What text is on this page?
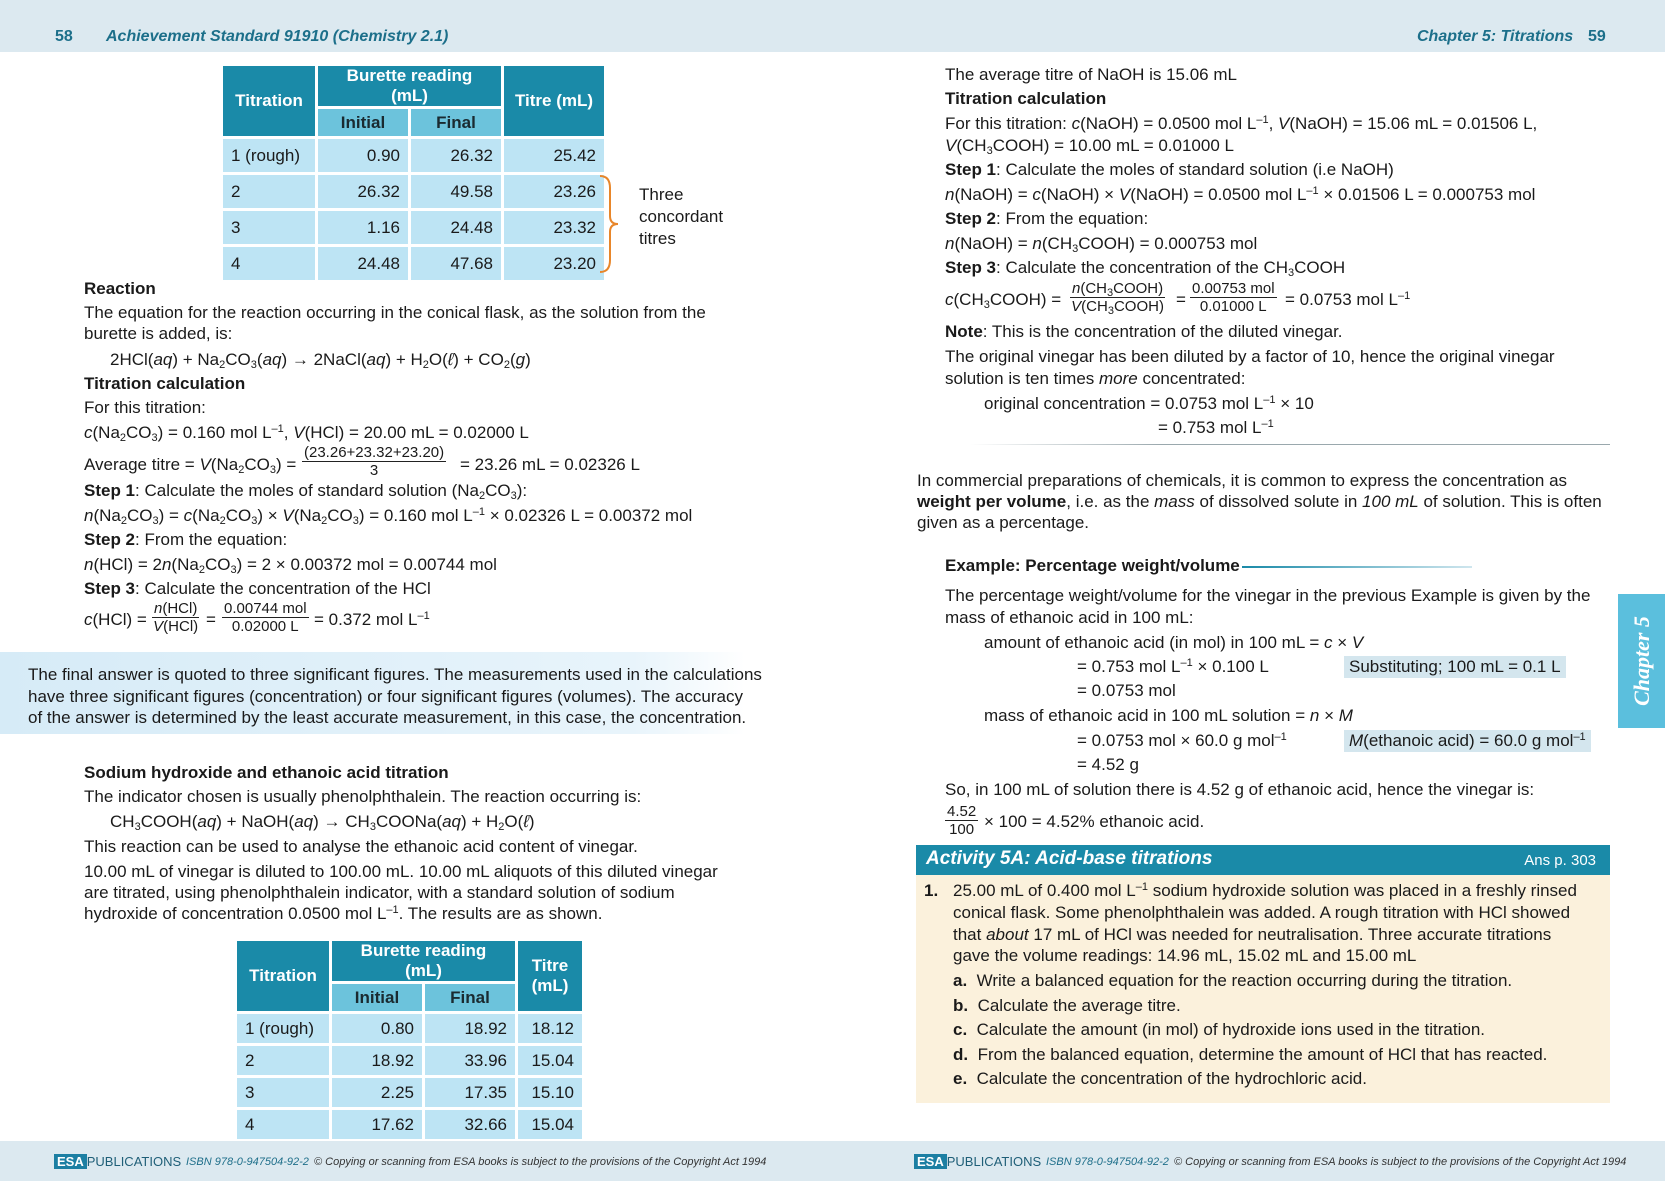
58 Achievement Standard 91910 (Chemistry 2.1)	Chapter 5: Titrations 59
Titration	Burette reading (mL)		Titre (mL)
	Initial	Final	
1 (rough)	0.90	26.32	25.42
2	26.32	49.58	23.26
3	1.16	24.48	23.32
4	24.48	47.68	23.20
Three
concordant
titres
Reaction
The equation for the reaction occurring in the conical flask, as the solution from the
burette is added, is:
$2HCl(aq) + Na_2CO_3(aq)$ → 2NaCl(aq) + $H_2O(\ell) + CO_2(g)$
Titration calculation
For this titration:
$c(Na_2CO_3) = 0.160$ mol $L^{-1}$, V(HCl) = 20.00 mL = 0.02000 L
Average titre = $V(Na_2CO_3) = \frac{(23.26+23.32+23.20)}{3} = 23.26$ mL = 0.02326 L
Step 1: Calculate the moles of standard solution $(Na_2CO_3)$:
$n(Na_2CO_3) = c(Na_2CO_3) \times V(Na_2CO_3) = 0.160$ mol $L^{-1} \times 0.02326$ L = 0.00372 mol
Step 2: From the equation:
$n(HCl) = 2n(Na_2CO_3) = 2 \times 0.00372$ mol = 0.00744 mol
Step 3: Calculate the concentration of the HCl
c(HCl) =
n(HCl)
V(HCl) =
0.00744 mol
0.02000 L = 0.372 mol $L^{-1}$
The final answer is quoted to three significant figures. The measurements used in the calculations
have three significant figures (concentration) or four significant figures (volumes). The accuracy
of the answer is determined by the least accurate measurement, in this case, the concentration.
Sodium hydroxide and ethanoic acid titration
The indicator chosen is usually phenolphthalein. The reaction occurring is:
$CH_3COOH(aq)$ + NaOH(aq) → $CH_3COONa(aq)$ + $H_2O(\ell)$
This reaction can be used to analyse the ethanoic acid content of vinegar.
10.00 mL of vinegar is diluted to 100.00 mL. 10.00 mL aliquots of this diluted vinegar
are titrated, using phenolphthalein indicator, with a standard solution of sodium
hydroxide of concentration 0.0500 mol $L^{-1}$. The results are as shown.
Titration	Burette reading (mL)		Titre
(mL)
	Initial	Final	
1 (rough)	0.80	18.92	18.12
2	18.92	33.96	15.04
3	2.25	17.35	15.10
4	17.62	32.66	15.04
The average titre of NaOH is 15.06 mL
Titration calculation
For this titration: c(NaOH) = 0.0500 mol $L^{-1}$, V(NaOH) = 15.06 mL = 0.01506 L,
$V(CH_3COOH) = 10.00$ mL = 0.01000 L
Step 1: Calculate the moles of standard solution (i.e NaOH)
n(NaOH) = c(NaOH) × V(NaOH) = 0.0500 mol $L^{-1} \times 0.01506$ L = 0.000753 mol
Step 2: From the equation:
n(NaOH) = $n(CH_3COOH) = 0.000753$ mol
Step 3: Calculate the concentration of the $CH_3COOH$
$c(CH_3COOH)$ =
$n(CH_3COOH)$
$V(CH_3COOH)$ =
0.00753 mol
0.01000 L	= 0.0753 mol $L^{-1}$
Note: This is the concentration of the diluted vinegar.
The original vinegar has been diluted by a factor of 10, hence the original vinegar
solution is ten times more concentrated:
original concentration = 0.0753 mol $L^{-1} \times 10$
= 0.753 mol $L^{-1}$
In commercial preparations of chemicals, it is common to express the concentration as
weight per volume, i.e. as the mass of dissolved solute in 100 mL of solution. This is often
given as a percentage.
Example: Percentage weight/volume
The percentage weight/volume for the vinegar in the previous Example is given by the
mass of ethanoic acid in 100 mL:
amount of ethanoic acid (in mol) in 100 mL = c × V
= 0.753 mol $L^{-1} \times 0.100$ L	Substituting; 100 mL = 0.1 L
= 0.0753 mol
mass of ethanoic acid in 100 mL solution = n × M
= 0.0753 mol × 60.0 g mol$^{-1}$	M(ethanoic acid) = 60.0 g mol$^{-1}$
= 4.52 g
So, in 100 mL of solution there is 4.52 g of ethanoic acid, hence the vinegar is:
$\frac{4.52}{100} \times 100 = 4.52\%$ ethanoic acid.
Activity 5A: Acid-base titrations	Ans p. 303
1. 25.00 mL of 0.400 mol $L^{-1}$ sodium hydroxide solution was placed in a freshly rinsed
conical flask. Some phenolphthalein was added. A rough titration with HCl showed
that about 17 mL of HCl was needed for neutralisation. Three accurate titrations
gave the volume readings: 14.96 mL, 15.02 mL and 15.00 mL
a. Write a balanced equation for the reaction occurring during the titration.
b. Calculate the average titre.
c. Calculate the amount (in mol) of hydroxide ions used in the titration.
d. From the balanced equation, determine the amount of HCl that has reacted.
e. Calculate the concentration of the hydrochloric acid.
Chapter 5
ESA PUBLICATIONS ISBN 978-0-947504-92-2 © Copying or scanning from ESA books is subject to the provisions of the Copyright Act 1994	ESA PUBLICATIONS ISBN 978-0-947504-92-2 © Copying or scanning from ESA books is subject to the provisions of the Copyright Act 1994
